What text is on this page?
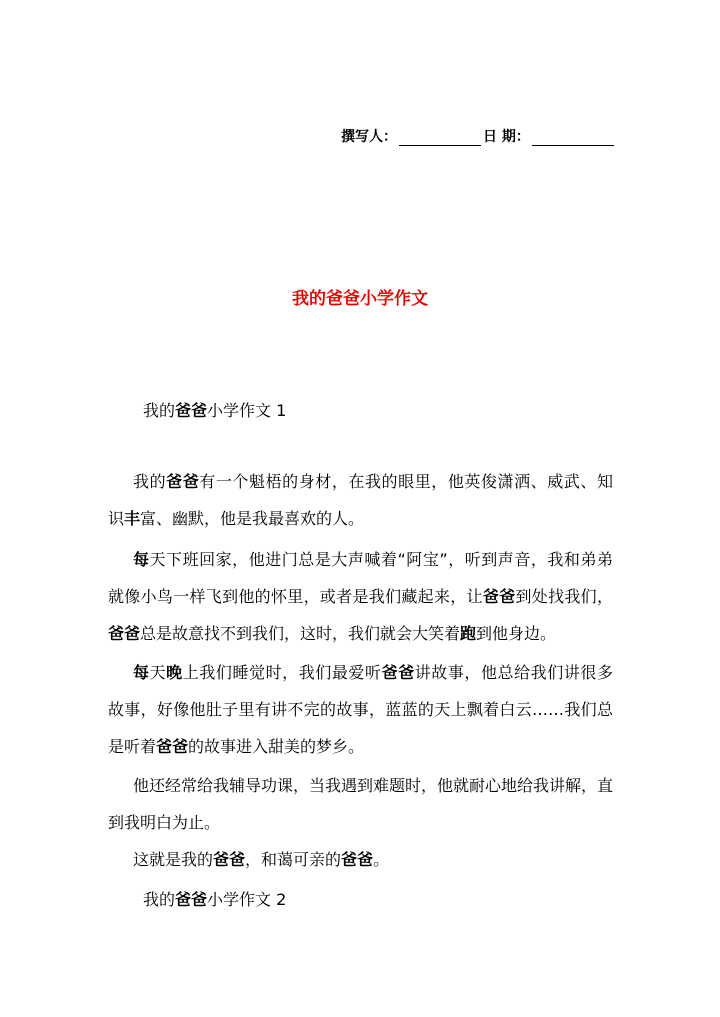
撰写人：	日 期：
我的爸爸小学作文
我的爸爸小学作文 1
我的爸爸有一个魁梧的身材，在我的眼里，他英俊潇洒、威武、知识丰富、幽默，他是我最喜欢的人。
每天下班回家，他进门总是大声喊着“阿宝”，听到声音，我和弟弟就像小鸟一样飞到他的怀里，或者是我们藏起来，让爸爸到处找我们，爸爸总是故意找不到我们，这时，我们就会大笑着跑到他身边。
每天晚上我们睡觉时，我们最爱听爸爸讲故事，他总给我们讲很多故事，好像他肚子里有讲不完的故事，蓝蓝的天上飘着白云……我们总是听着爸爸的故事进入甜美的梦乡。
他还经常给我辅导功课，当我遇到难题时，他就耐心地给我讲解，直到我明白为止。
这就是我的爸爸，和蔼可亲的爸爸。
我的爸爸小学作文 2
